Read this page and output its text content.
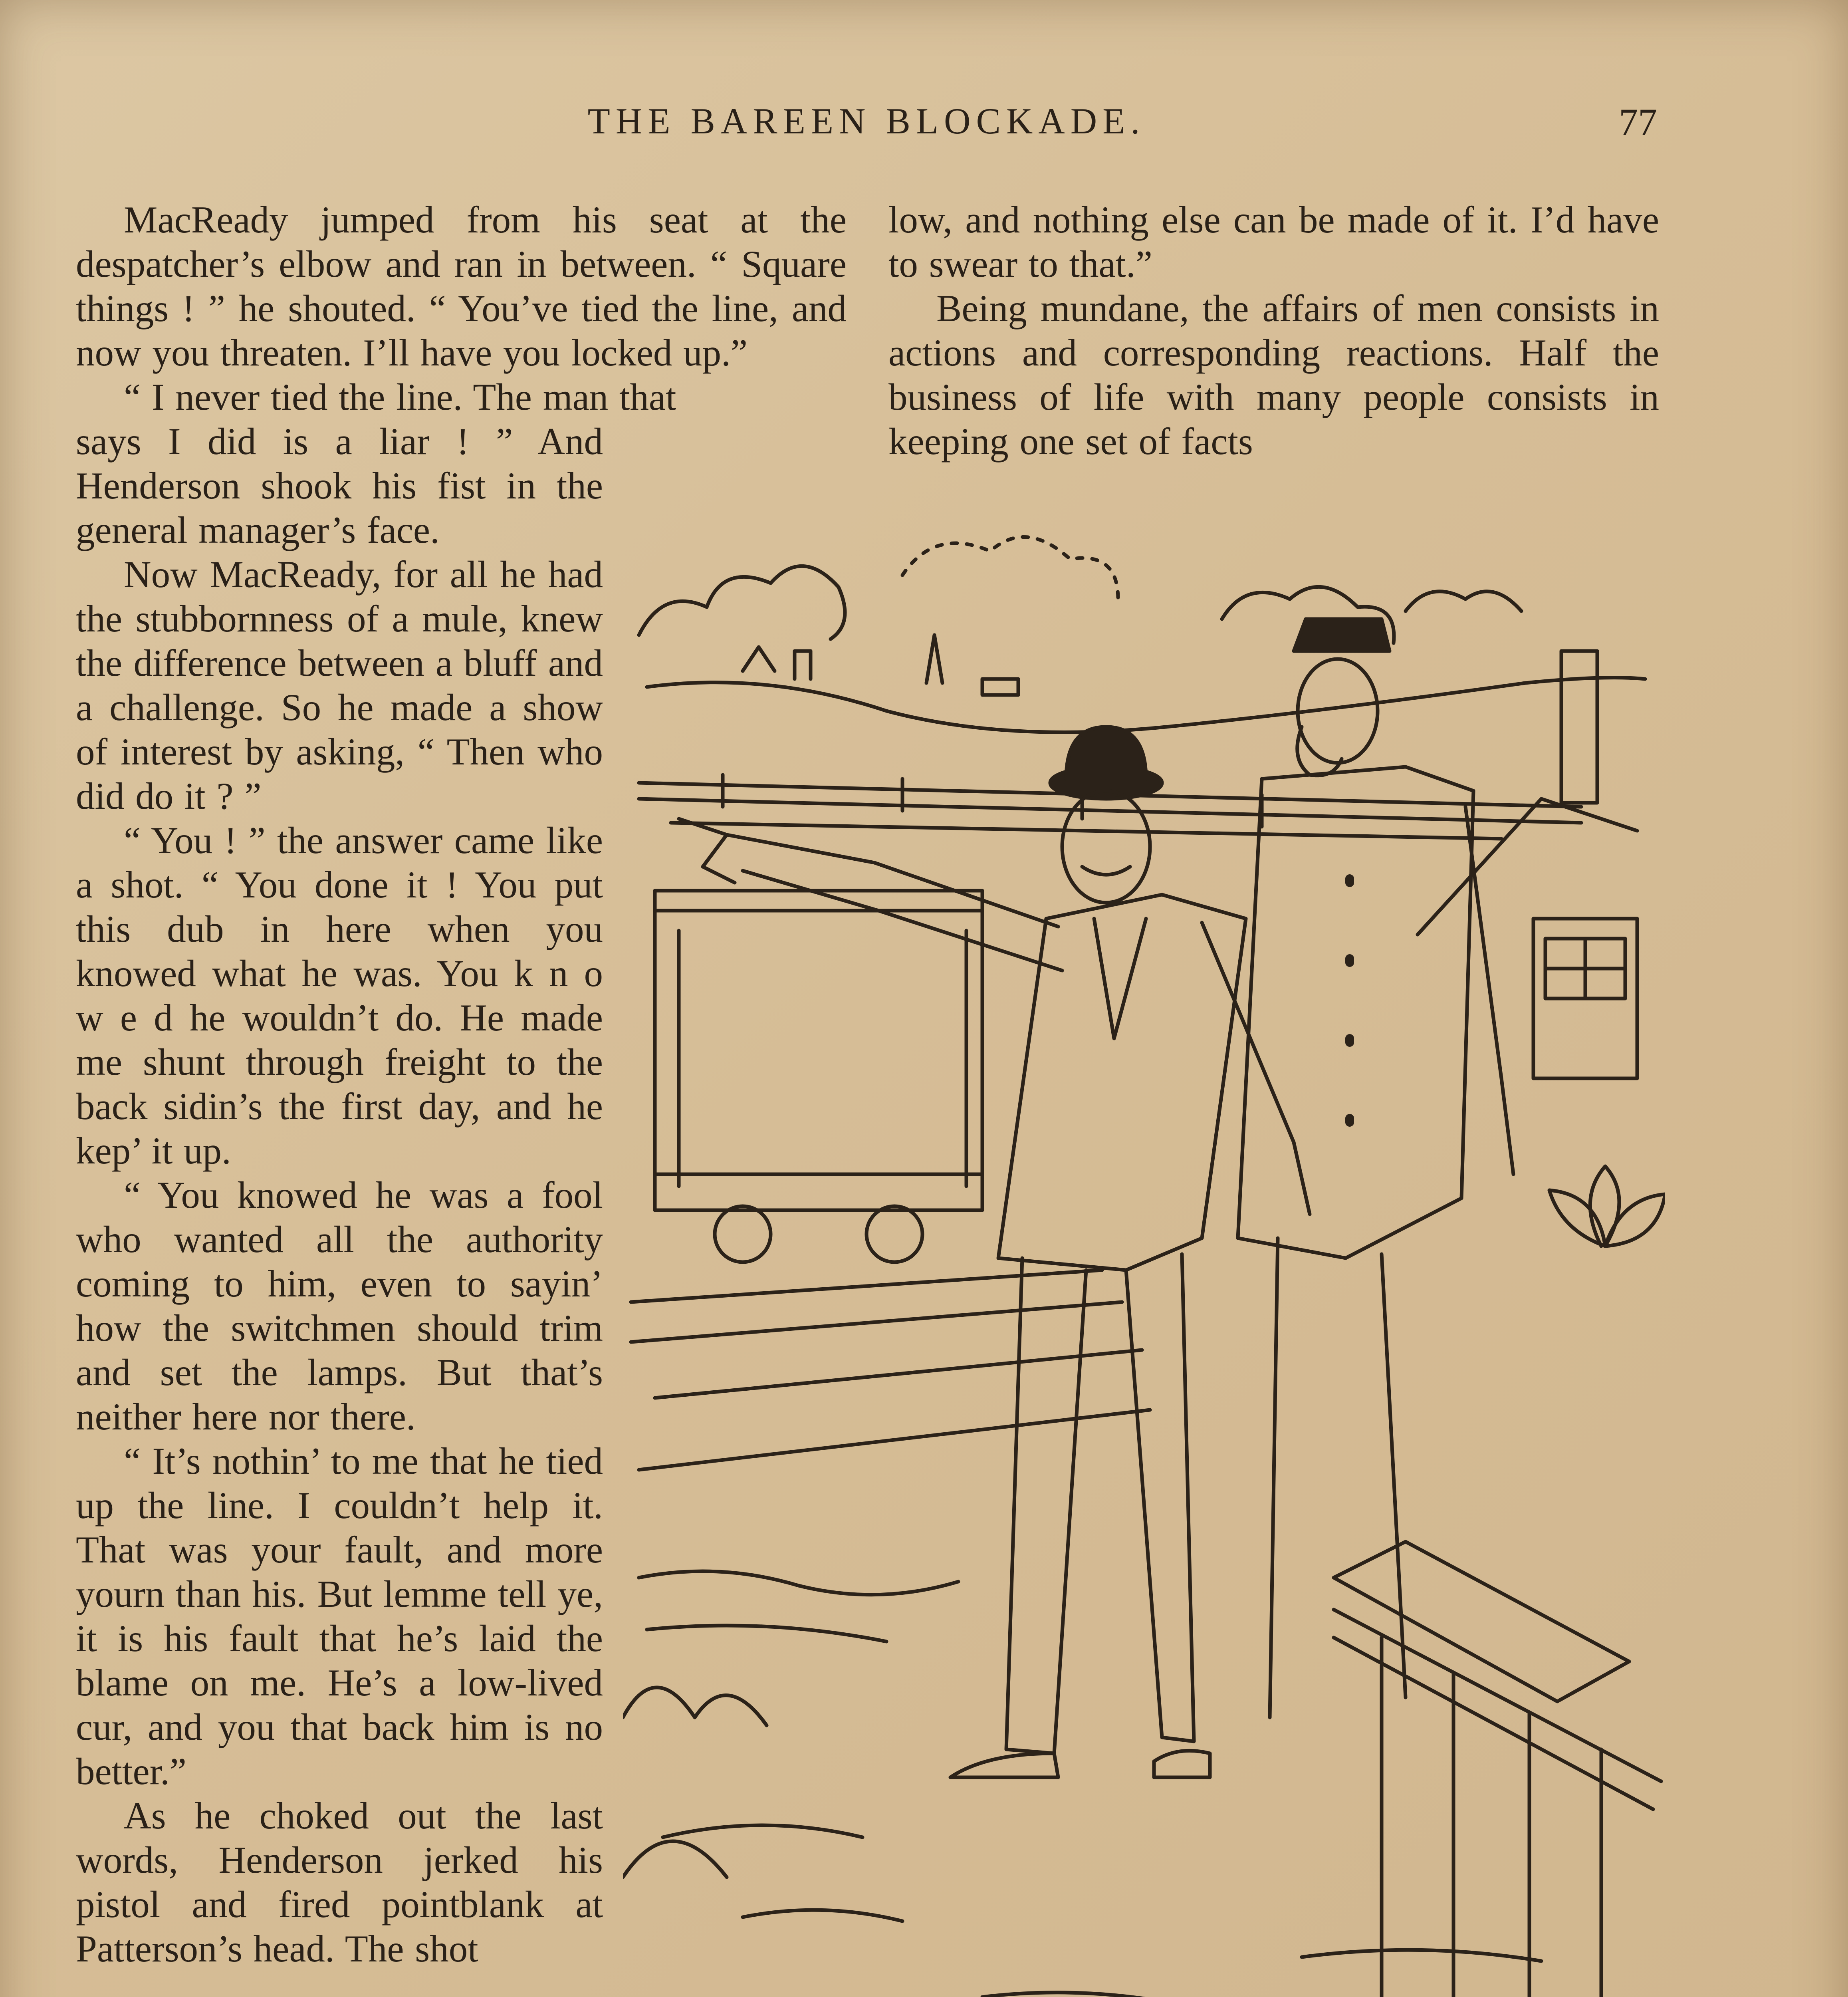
THE BAREEN BLOCKADE.	77

MacReady jumped from his seat at the despatcher’s elbow and ran in between. “ Square things ! ” he shouted. “ You’ve tied the line, and now you threaten. I’ll have you locked up.”

“ I never tied the line. The man that

says I did is a liar ! ” And Henderson shook his fist in the general manager’s face.

Now MacReady, for all he had the stubbornness of a mule, knew the difference between a bluff and a challenge. So he made a show of interest by asking, “ Then who did do it ? ”

“ You ! ” the answer came like a shot. “ You done it ! You put this dub in here when you knowed what he was. You k n o w e d he wouldn’t do. He made me shunt through freight to the back sidin’s the first day, and he kep’ it up.

“ You knowed he was a fool who wanted all the authority coming to him, even to sayin’ how the switchmen should trim and set the lamps. But that’s neither here nor there.

“ It’s nothin’ to me that he tied up the line. I couldn’t help it. That was your fault, and more yourn than his. But lemme tell ye, it is his fault that he’s laid the blame on me. He’s a low-lived cur, and you that back him is no better.”

As he choked out the last words, Henderson jerked his pistol and fired pointblank at Patterson’s head. The shot

low, and nothing else can be made of it. I’d have to swear to that.”

Being mundane, the affairs of men consists in actions and corresponding reactions. Half the business of life with many people consists in keeping one set of facts
